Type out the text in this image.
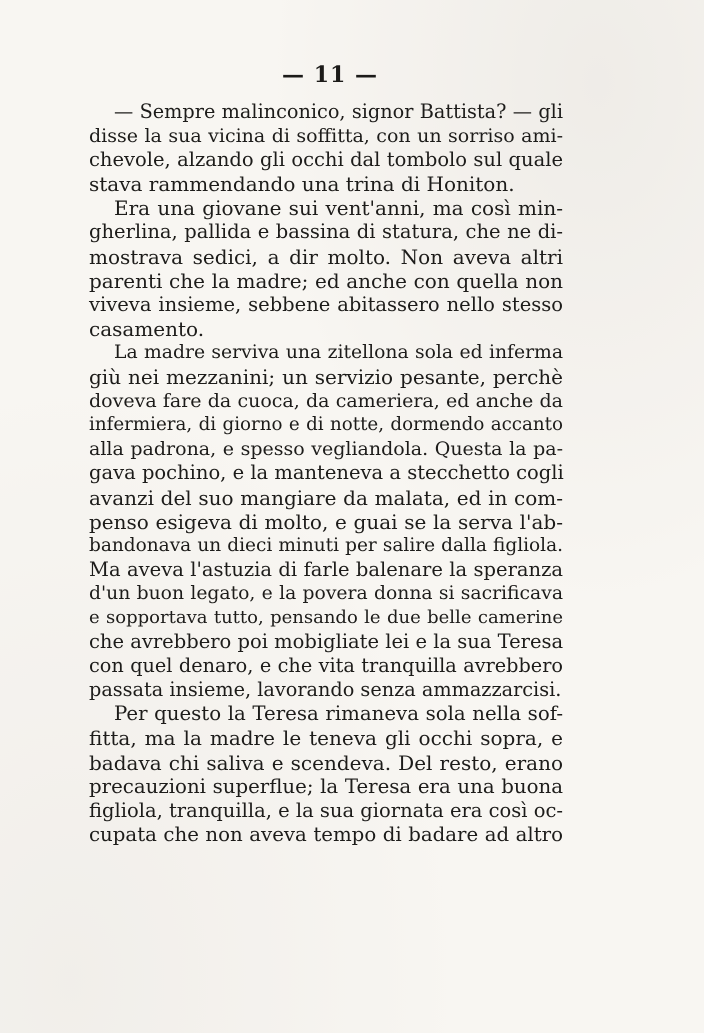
— 11 —
— Sempre malinconico, signor Battista? — gli
disse la sua vicina di soffitta, con un sorriso ami-
chevole, alzando gli occhi dal tombolo sul quale
stava rammendando una trina di Honiton.
Era una giovane sui vent'anni, ma così min-
gherlina, pallida e bassina di statura, che ne di-
mostrava sedici, a dir molto. Non aveva altri
parenti che la madre; ed anche con quella non
viveva insieme, sebbene abitassero nello stesso
casamento.
La madre serviva una zitellona sola ed inferma
giù nei mezzanini; un servizio pesante, perchè
doveva fare da cuoca, da cameriera, ed anche da
infermiera, di giorno e di notte, dormendo accanto
alla padrona, e spesso vegliandola. Questa la pa-
gava pochino, e la manteneva a stecchetto cogli
avanzi del suo mangiare da malata, ed in com-
penso esigeva di molto, e guai se la serva l'ab-
bandonava un dieci minuti per salire dalla figliola.
Ma aveva l'astuzia di farle balenare la speranza
d'un buon legato, e la povera donna si sacrificava
e sopportava tutto, pensando le due belle camerine
che avrebbero poi mobigliate lei e la sua Teresa
con quel denaro, e che vita tranquilla avrebbero
passata insieme, lavorando senza ammazzarcisi.
Per questo la Teresa rimaneva sola nella sof-
fitta, ma la madre le teneva gli occhi sopra, e
badava chi saliva e scendeva. Del resto, erano
precauzioni superflue; la Teresa era una buona
figliola, tranquilla, e la sua giornata era così oc-
cupata che non aveva tempo di badare ad altro
